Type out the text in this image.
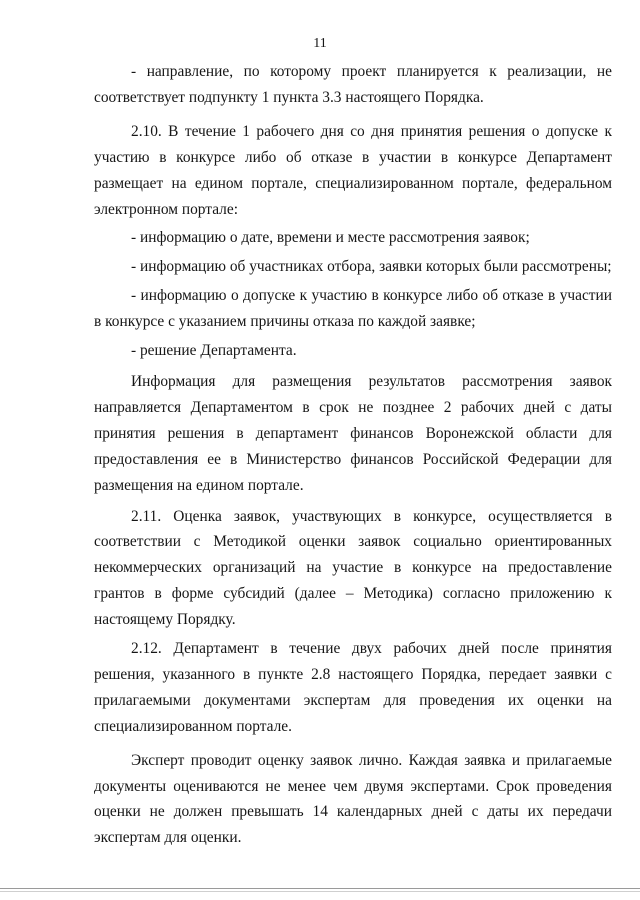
11

- направление, по которому проект планируется к реализации, не соответствует подпункту 1 пункта 3.3 настоящего Порядка.

2.10. В течение 1 рабочего дня со дня принятия решения о допуске к участию в конкурсе либо об отказе в участии в конкурсе Департамент размещает на едином портале, специализированном портале, федеральном электронном портале:

- информацию о дате, времени и месте рассмотрения заявок;

- информацию об участниках отбора, заявки которых были рассмотрены;

- информацию о допуске к участию в конкурсе либо об отказе в участии в конкурсе с указанием причины отказа по каждой заявке;

- решение Департамента.

Информация для размещения результатов рассмотрения заявок направляется Департаментом в срок не позднее 2 рабочих дней с даты принятия решения в департамент финансов Воронежской области для предоставления ее в Министерство финансов Российской Федерации для размещения на едином портале.

2.11. Оценка заявок, участвующих в конкурсе, осуществляется в соответствии с Методикой оценки заявок социально ориентированных некоммерческих организаций на участие в конкурсе на предоставление грантов в форме субсидий (далее – Методика) согласно приложению к настоящему Порядку.

2.12. Департамент в течение двух рабочих дней после принятия решения, указанного в пункте 2.8 настоящего Порядка, передает заявки с прилагаемыми документами экспертам для проведения их оценки на специализированном портале.

Эксперт проводит оценку заявок лично. Каждая заявка и прилагаемые документы оцениваются не менее чем двумя экспертами. Срок проведения оценки не должен превышать 14 календарных дней с даты их передачи экспертам для оценки.
